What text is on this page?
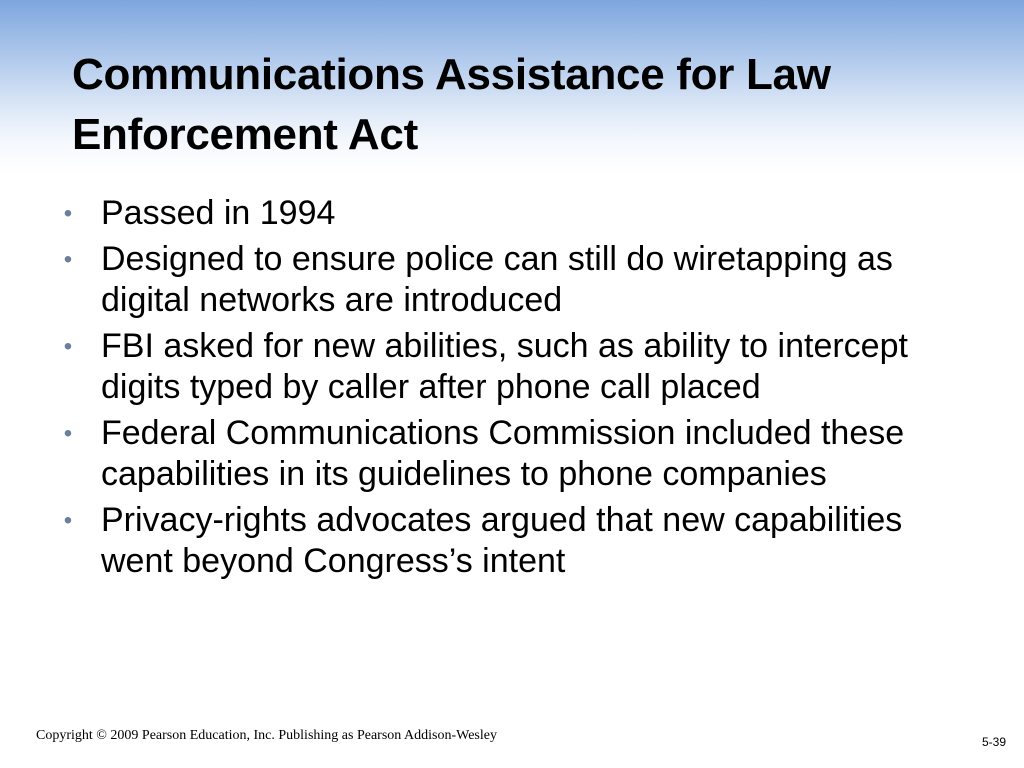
Communications Assistance for Law Enforcement Act
• Passed in 1994
• Designed to ensure police can still do wiretapping as digital networks are introduced
• FBI asked for new abilities, such as ability to intercept digits typed by caller after phone call placed
• Federal Communications Commission included these capabilities in its guidelines to phone companies
• Privacy-rights advocates argued that new capabilities went beyond Congress’s intent
Copyright © 2009 Pearson Education, Inc. Publishing as Pearson Addison-Wesley	5-39
